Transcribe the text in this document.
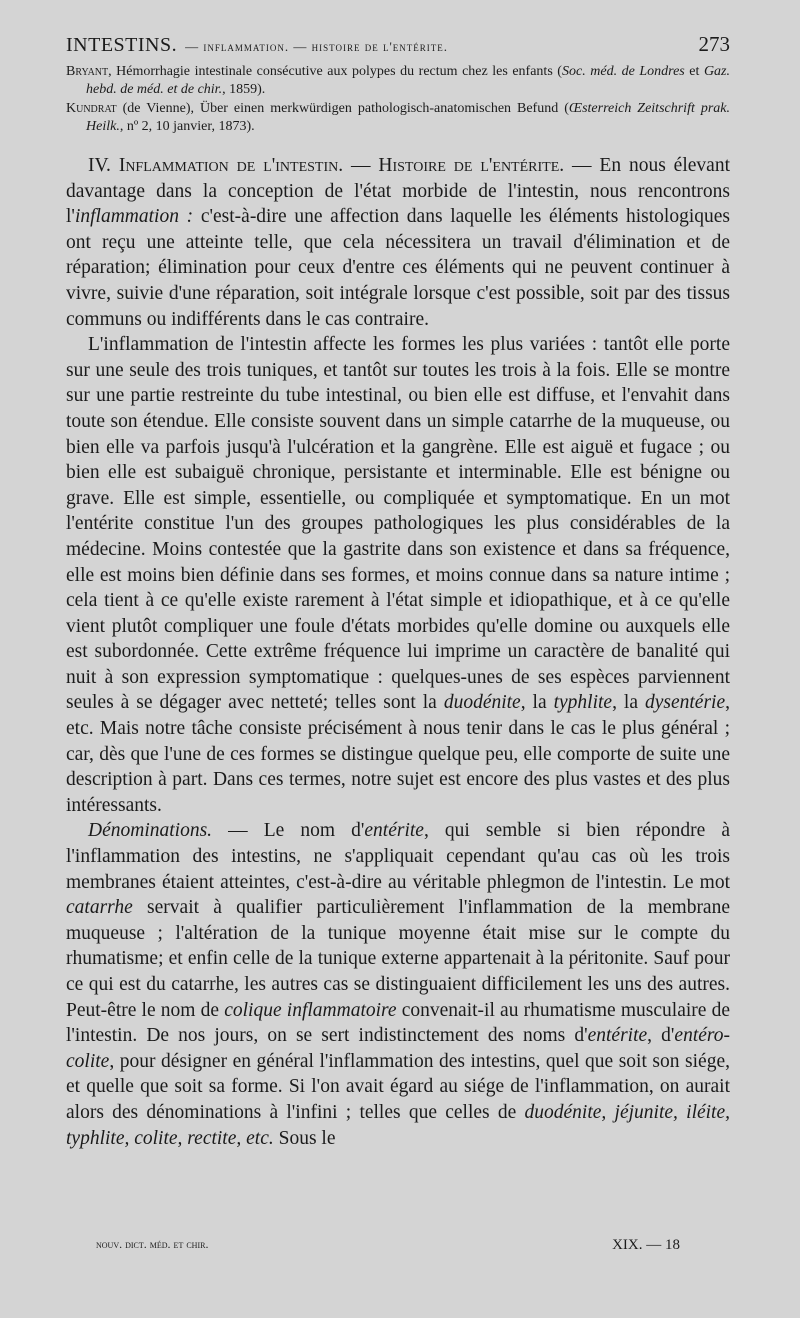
INTESTINS. — inflammation. — histoire de l'entérite.	273

Bryant, Hémorrhagie intestinale consécutive aux polypes du rectum chez les enfants (Soc. méd. de Londres et Gaz. hebd. de méd. et de chir., 1859).

Kundrat (de Vienne), Über einen merkwürdigen pathologisch-anatomischen Befund (Œsterreich Zeitschrift prak. Heilk., nº 2, 10 janvier, 1873).

IV. Inflammation de l'intestin. — Histoire de l'entérite. — En nous élevant davantage dans la conception de l'état morbide de l'intestin, nous rencontrons l'inflammation : c'est-à-dire une affection dans laquelle les éléments histologiques ont reçu une atteinte telle, que cela nécessitera un travail d'élimination et de réparation; élimination pour ceux d'entre ces éléments qui ne peuvent continuer à vivre, suivie d'une réparation, soit intégrale lorsque c'est possible, soit par des tissus communs ou indifférents dans le cas contraire.

L'inflammation de l'intestin affecte les formes les plus variées : tantôt elle porte sur une seule des trois tuniques, et tantôt sur toutes les trois à la fois. Elle se montre sur une partie restreinte du tube intestinal, ou bien elle est diffuse, et l'envahit dans toute son étendue. Elle consiste souvent dans un simple catarrhe de la muqueuse, ou bien elle va parfois jusqu'à l'ulcération et la gangrène. Elle est aiguë et fugace ; ou bien elle est subaiguë chronique, persistante et interminable. Elle est bénigne ou grave. Elle est simple, essentielle, ou compliquée et symptomatique. En un mot l'entérite constitue l'un des groupes pathologiques les plus considérables de la médecine. Moins contestée que la gastrite dans son existence et dans sa fréquence, elle est moins bien définie dans ses formes, et moins connue dans sa nature intime ; cela tient à ce qu'elle existe rarement à l'état simple et idiopathique, et à ce qu'elle vient plutôt compliquer une foule d'états morbides qu'elle domine ou auxquels elle est subordonnée. Cette extrême fréquence lui imprime un caractère de banalité qui nuit à son expression symptomatique : quelques-unes de ses espèces parviennent seules à se dégager avec netteté; telles sont la duodénite, la typhlite, la dysentérie, etc. Mais notre tâche consiste précisément à nous tenir dans le cas le plus général ; car, dès que l'une de ces formes se distingue quelque peu, elle comporte de suite une description à part. Dans ces termes, notre sujet est encore des plus vastes et des plus intéressants.

Dénominations. — Le nom d'entérite, qui semble si bien répondre à l'inflammation des intestins, ne s'appliquait cependant qu'au cas où les trois membranes étaient atteintes, c'est-à-dire au véritable phlegmon de l'intestin. Le mot catarrhe servait à qualifier particulièrement l'inflammation de la membrane muqueuse ; l'altération de la tunique moyenne était mise sur le compte du rhumatisme; et enfin celle de la tunique externe appartenait à la péritonite. Sauf pour ce qui est du catarrhe, les autres cas se distinguaient difficilement les uns des autres. Peut-être le nom de colique inflammatoire convenait-il au rhumatisme musculaire de l'intestin. De nos jours, on se sert indistinctement des noms d'entérite, d'entéro-colite, pour désigner en général l'inflammation des intestins, quel que soit son siége, et quelle que soit sa forme. Si l'on avait égard au siége de l'inflammation, on aurait alors des dénominations à l'infini ; telles que celles de duodénite, jéjunite, iléite, typhlite, colite, rectite, etc. Sous le

nouv. dict. méd. et chir.	XIX. — 18
